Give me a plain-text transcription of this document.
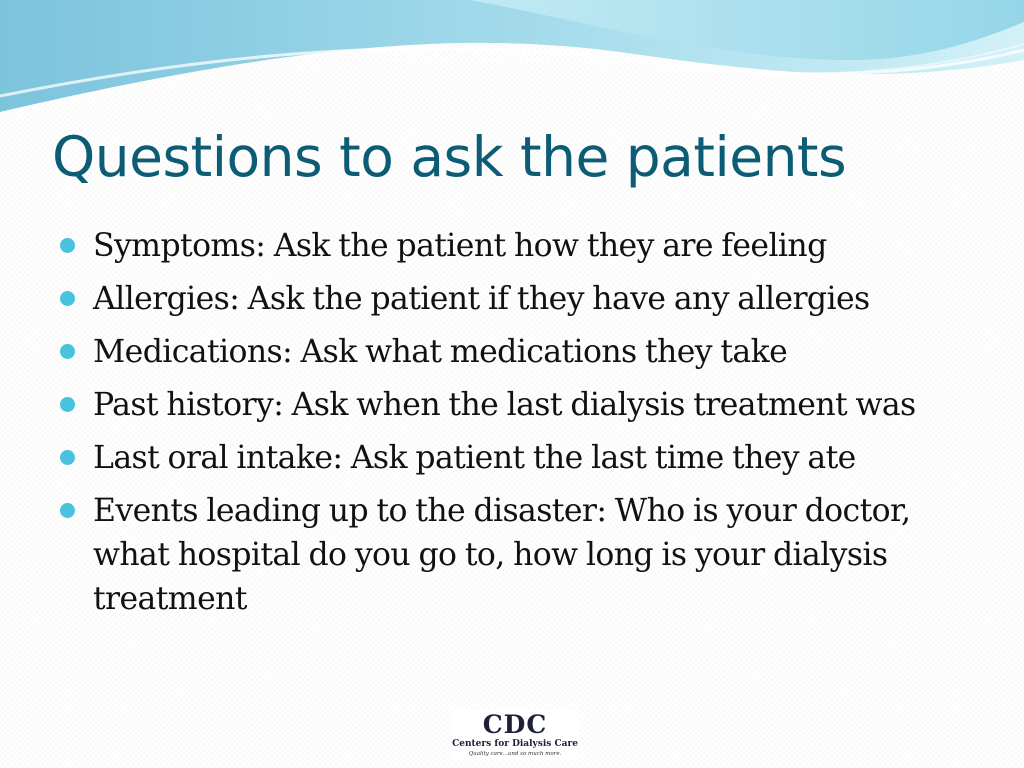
Questions to ask the patients
Symptoms: Ask the patient how they are feeling
Allergies: Ask the patient if they have any allergies
Medications: Ask what medications they take
Past history: Ask when the last dialysis treatment was
Last oral intake: Ask patient the last time they ate
Events leading up to the disaster: Who is your doctor, what hospital do you go to, how long is your dialysis treatment
CDC
Centers for Dialysis Care
Quality care...and so much more.
